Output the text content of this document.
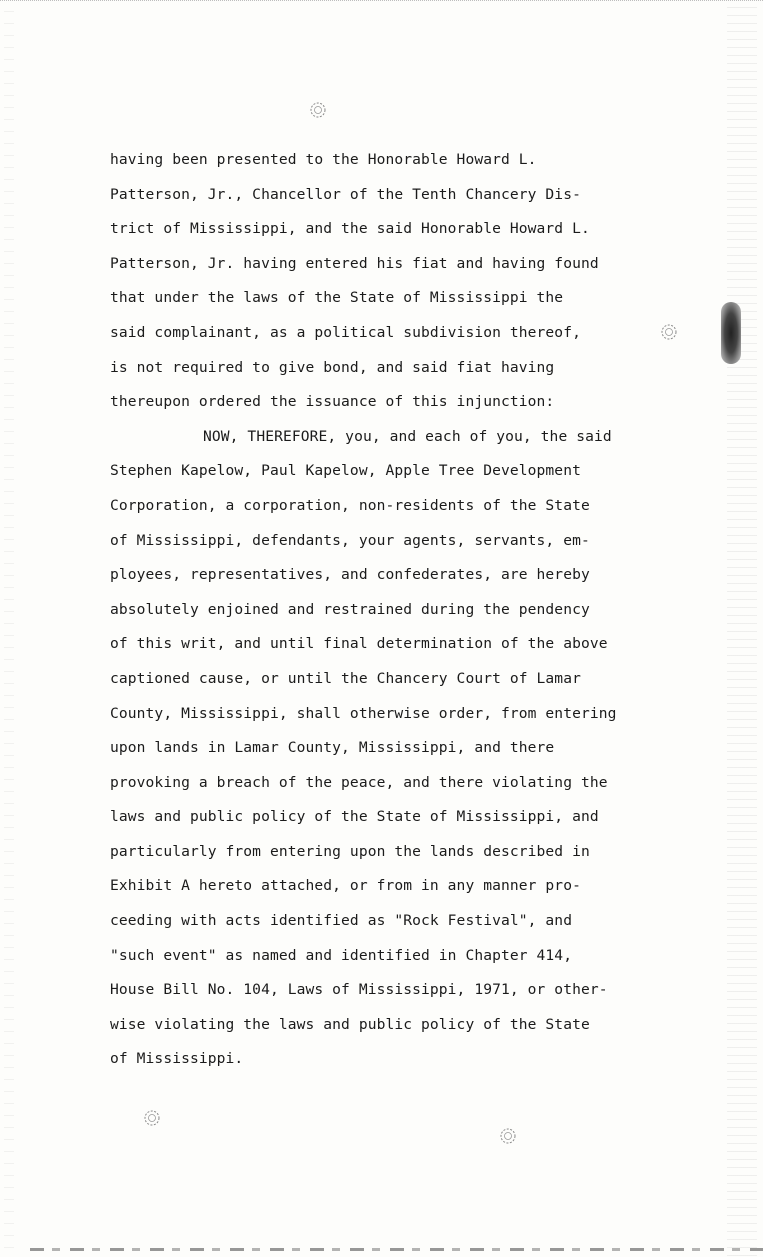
having been presented to the Honorable Howard L.
Patterson, Jr., Chancellor of the Tenth Chancery Dis-
trict of Mississippi, and the said Honorable Howard L.
Patterson, Jr. having entered his fiat and having found
that under the laws of the State of Mississippi the
said complainant, as a political subdivision thereof,
is not required to give bond, and said fiat having
thereupon ordered the issuance of this injunction:
NOW, THEREFORE, you, and each of you, the said
Stephen Kapelow, Paul Kapelow, Apple Tree Development
Corporation, a corporation, non-residents of the State
of Mississippi, defendants, your agents, servants, em-
ployees, representatives, and confederates, are hereby
absolutely enjoined and restrained during the pendency
of this writ, and until final determination of the above
captioned cause, or until the Chancery Court of Lamar
County, Mississippi, shall otherwise order, from entering
upon lands in Lamar County, Mississippi, and there
provoking a breach of the peace, and there violating the
laws and public policy of the State of Mississippi, and
particularly from entering upon the lands described in
Exhibit A hereto attached, or from in any manner pro-
ceeding with acts identified as "Rock Festival", and
"such event" as named and identified in Chapter 414,
House Bill No. 104, Laws of Mississippi, 1971, or other-
wise violating the laws and public policy of the State
of Mississippi.
